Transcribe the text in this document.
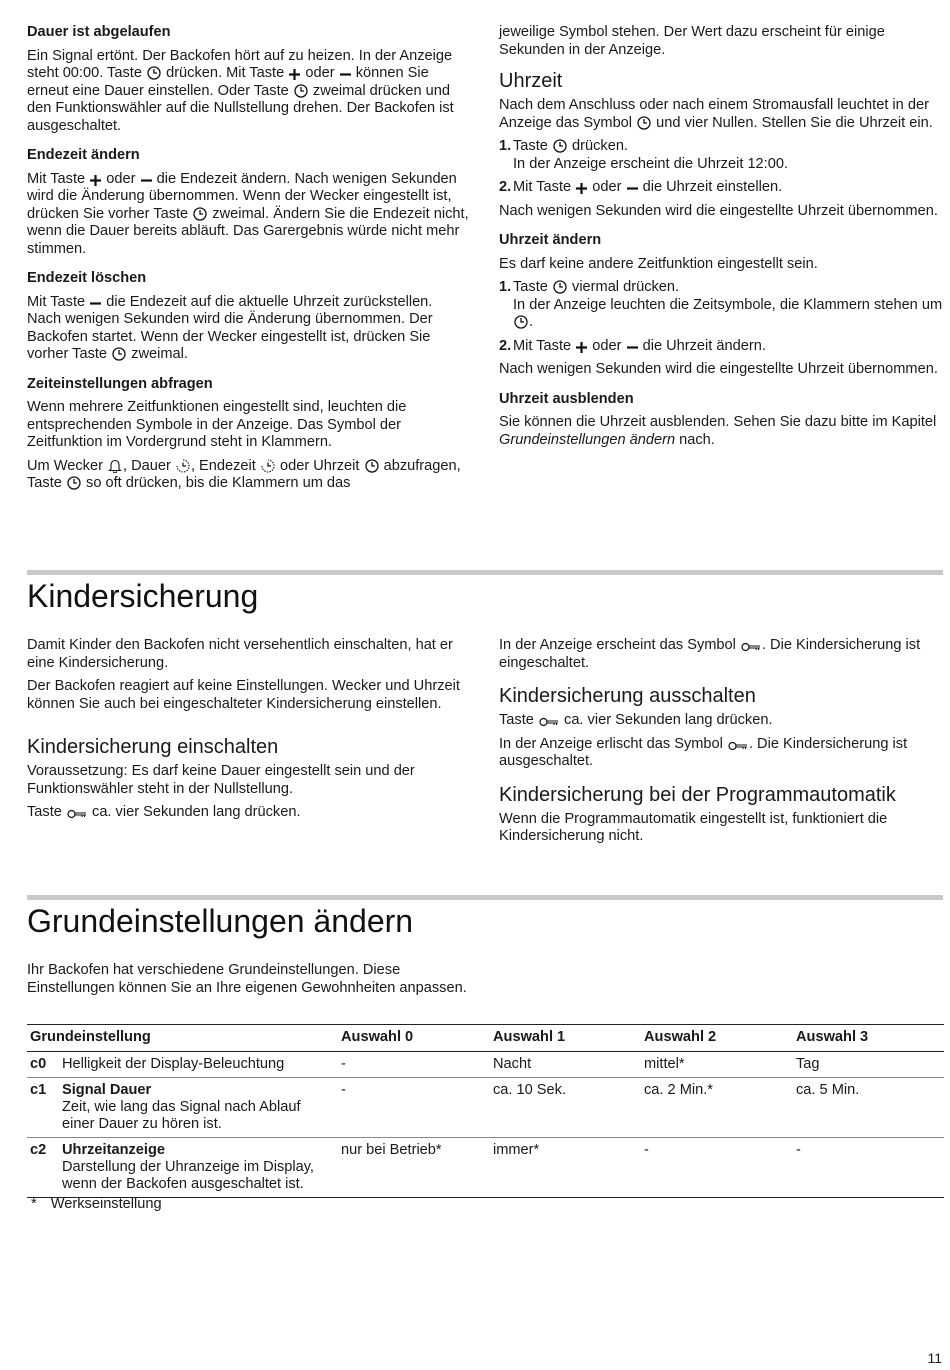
Dauer ist abgelaufen

Ein Signal ertönt. Der Backofen hört auf zu heizen. In der Anzeige steht 00:00. Taste drücken. Mit Taste oder können Sie erneut eine Dauer einstellen. Oder Taste zweimal drücken und den Funktionswähler auf die Nullstellung drehen. Der Backofen ist ausgeschaltet.

Endezeit ändern

Mit Taste oder die Endezeit ändern. Nach wenigen Sekunden wird die Änderung übernommen. Wenn der Wecker eingestellt ist, drücken Sie vorher Taste zweimal. Ändern Sie die Endezeit nicht, wenn die Dauer bereits abläuft. Das Garergebnis würde nicht mehr stimmen.

Endezeit löschen

Mit Taste die Endezeit auf die aktuelle Uhrzeit zurückstellen. Nach wenigen Sekunden wird die Änderung übernommen. Der Backofen startet. Wenn der Wecker eingestellt ist, drücken Sie vorher Taste zweimal.

Zeiteinstellungen abfragen

Wenn mehrere Zeitfunktionen eingestellt sind, leuchten die entsprechenden Symbole in der Anzeige. Das Symbol der Zeitfunktion im Vordergrund steht in Klammern.

Um Wecker , Dauer , Endezeit oder Uhrzeit abzufragen, Taste so oft drücken, bis die Klammern um das

jeweilige Symbol stehen. Der Wert dazu erscheint für einige Sekunden in der Anzeige.

Uhrzeit

Nach dem Anschluss oder nach einem Stromausfall leuchtet in der Anzeige das Symbol und vier Nullen. Stellen Sie die Uhrzeit ein.

1. Taste drücken.
In der Anzeige erscheint die Uhrzeit 12:00.
2. Mit Taste oder die Uhrzeit einstellen.

Nach wenigen Sekunden wird die eingestellte Uhrzeit übernommen.

Uhrzeit ändern

Es darf keine andere Zeitfunktion eingestellt sein.

1. Taste viermal drücken.
In der Anzeige leuchten die Zeitsymbole, die Klammern stehen um
.
2. Mit Taste oder die Uhrzeit ändern.

Nach wenigen Sekunden wird die eingestellte Uhrzeit übernommen.

Uhrzeit ausblenden

Sie können die Uhrzeit ausblenden. Sehen Sie dazu bitte im Kapitel Grundeinstellungen ändern nach.

Kindersicherung

Damit Kinder den Backofen nicht versehentlich einschalten, hat er eine Kindersicherung.

Der Backofen reagiert auf keine Einstellungen. Wecker und Uhrzeit können Sie auch bei eingeschalteter Kindersicherung einstellen.

Kindersicherung einschalten

Voraussetzung: Es darf keine Dauer eingestellt sein und der Funktionswähler steht in der Nullstellung.

Taste ca. vier Sekunden lang drücken.

In der Anzeige erscheint das Symbol . Die Kindersicherung ist eingeschaltet.

Kindersicherung ausschalten

Taste ca. vier Sekunden lang drücken.

In der Anzeige erlischt das Symbol . Die Kindersicherung ist ausgeschaltet.

Kindersicherung bei der Programmautomatik

Wenn die Programmautomatik eingestellt ist, funktioniert die Kindersicherung nicht.

Grundeinstellungen ändern

Ihr Backofen hat verschiedene Grundeinstellungen. Diese Einstellungen können Sie an Ihre eigenen Gewohnheiten anpassen.

Grundeinstellung		Auswahl 0	Auswahl 1	Auswahl 2	Auswahl 3
c0	Helligkeit der Display-Beleuchtung	-	Nacht	mittel*	Tag
c1	Signal Dauer
Zeit, wie lang das Signal nach Ablauf einer Dauer zu hören ist.	-	ca. 10 Sek.	ca. 2 Min.*	ca. 5 Min.
c2	Uhrzeitanzeige
Darstellung der Uhranzeige im Display, wenn der Backofen ausgeschaltet ist.	nur bei Betrieb*	immer*	-	-
* Werkseinstellung
11
